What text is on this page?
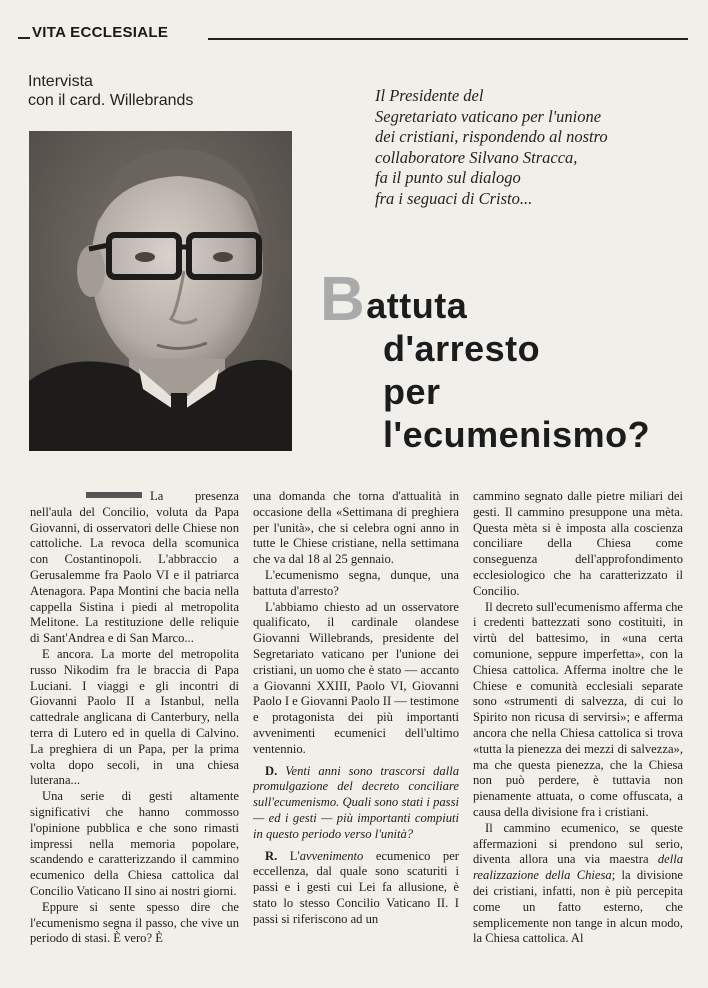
VITA ECCLESIALE
Intervista
con il card. Willebrands	Il Presidente del
Segretariato vaticano per l'unione
dei cristiani, rispondendo al nostro
collaboratore Silvano Stracca,
fa il punto sul dialogo
fra i seguaci di Cristo...
Battuta
d'arresto
per
l'ecumenismo?

La presenza nell'aula del Concilio, voluta da Papa Giovanni, di osservatori delle Chiese non cattoliche. La revoca della scomunica con Costantinopoli. L'abbraccio a Gerusalemme fra Paolo VI e il patriarca Atenagora. Papa Montini che bacia nella cappella Sistina i piedi al metropolita Melitone. La restituzione delle reliquie di Sant'Andrea e di San Marco...

E ancora. La morte del metropolita russo Nikodim fra le braccia di Papa Luciani. I viaggi e gli incontri di Giovanni Paolo II a Istanbul, nella cattedrale anglicana di Canterbury, nella terra di Lutero ed in quella di Calvino. La preghiera di un Papa, per la prima volta dopo secoli, in una chiesa luterana...

Una serie di gesti altamente significativi che hanno commosso l'opinione pubblica e che sono rimasti impressi nella memoria popolare, scandendo e caratterizzando il cammino ecumenico della Chiesa cattolica dal Concilio Vaticano II sino ai nostri giorni.

Eppure si sente spesso dire che l'ecumenismo segna il passo, che vive un periodo di stasi. È vero? È

una domanda che torna d'attualità in occasione della «Settimana di preghiera per l'unità», che si celebra ogni anno in tutte le Chiese cristiane, nella settimana che va dal 18 al 25 gennaio.

L'ecumenismo segna, dunque, una battuta d'arresto?

L'abbiamo chiesto ad un osservatore qualificato, il cardinale olandese Giovanni Willebrands, presidente del Segretariato vaticano per l'unione dei cristiani, un uomo che è stato — accanto a Giovanni XXIII, Paolo VI, Giovanni Paolo I e Giovanni Paolo II — testimone e protagonista dei più importanti avvenimenti ecumenici dell'ultimo ventennio.

D. Venti anni sono trascorsi dalla promulgazione del decreto conciliare sull'ecumenismo. Quali sono stati i passi — ed i gesti — più importanti compiuti in questo periodo verso l'unità?

R. L'avvenimento ecumenico per eccellenza, dal quale sono scaturiti i passi e i gesti cui Lei fa allusione, è stato lo stesso Concilio Vaticano II. I passi si riferiscono ad un

cammino segnato dalle pietre miliari dei gesti. Il cammino presuppone una mèta. Questa mèta si è imposta alla coscienza conciliare della Chiesa come conseguenza dell'approfondimento ecclesiologico che ha caratterizzato il Concilio.

Il decreto sull'ecumenismo afferma che i credenti battezzati sono costituiti, in virtù del battesimo, in «una certa comunione, seppure imperfetta», con la Chiesa cattolica. Afferma inoltre che le Chiese e comunità ecclesiali separate sono «strumenti di salvezza, di cui lo Spirito non ricusa di servirsi»; e afferma ancora che nella Chiesa cattolica si trova «tutta la pienezza dei mezzi di salvezza», ma che questa pienezza, che la Chiesa non può perdere, è tuttavia non pienamente attuata, o come offuscata, a causa della divisione fra i cristiani.

Il cammino ecumenico, se queste affermazioni si prendono sul serio, diventa allora una via maestra della realizzazione della Chiesa; la divisione dei cristiani, infatti, non è più percepita come un fatto esterno, che semplicemente non tange in alcun modo, la Chiesa cattolica. Al
